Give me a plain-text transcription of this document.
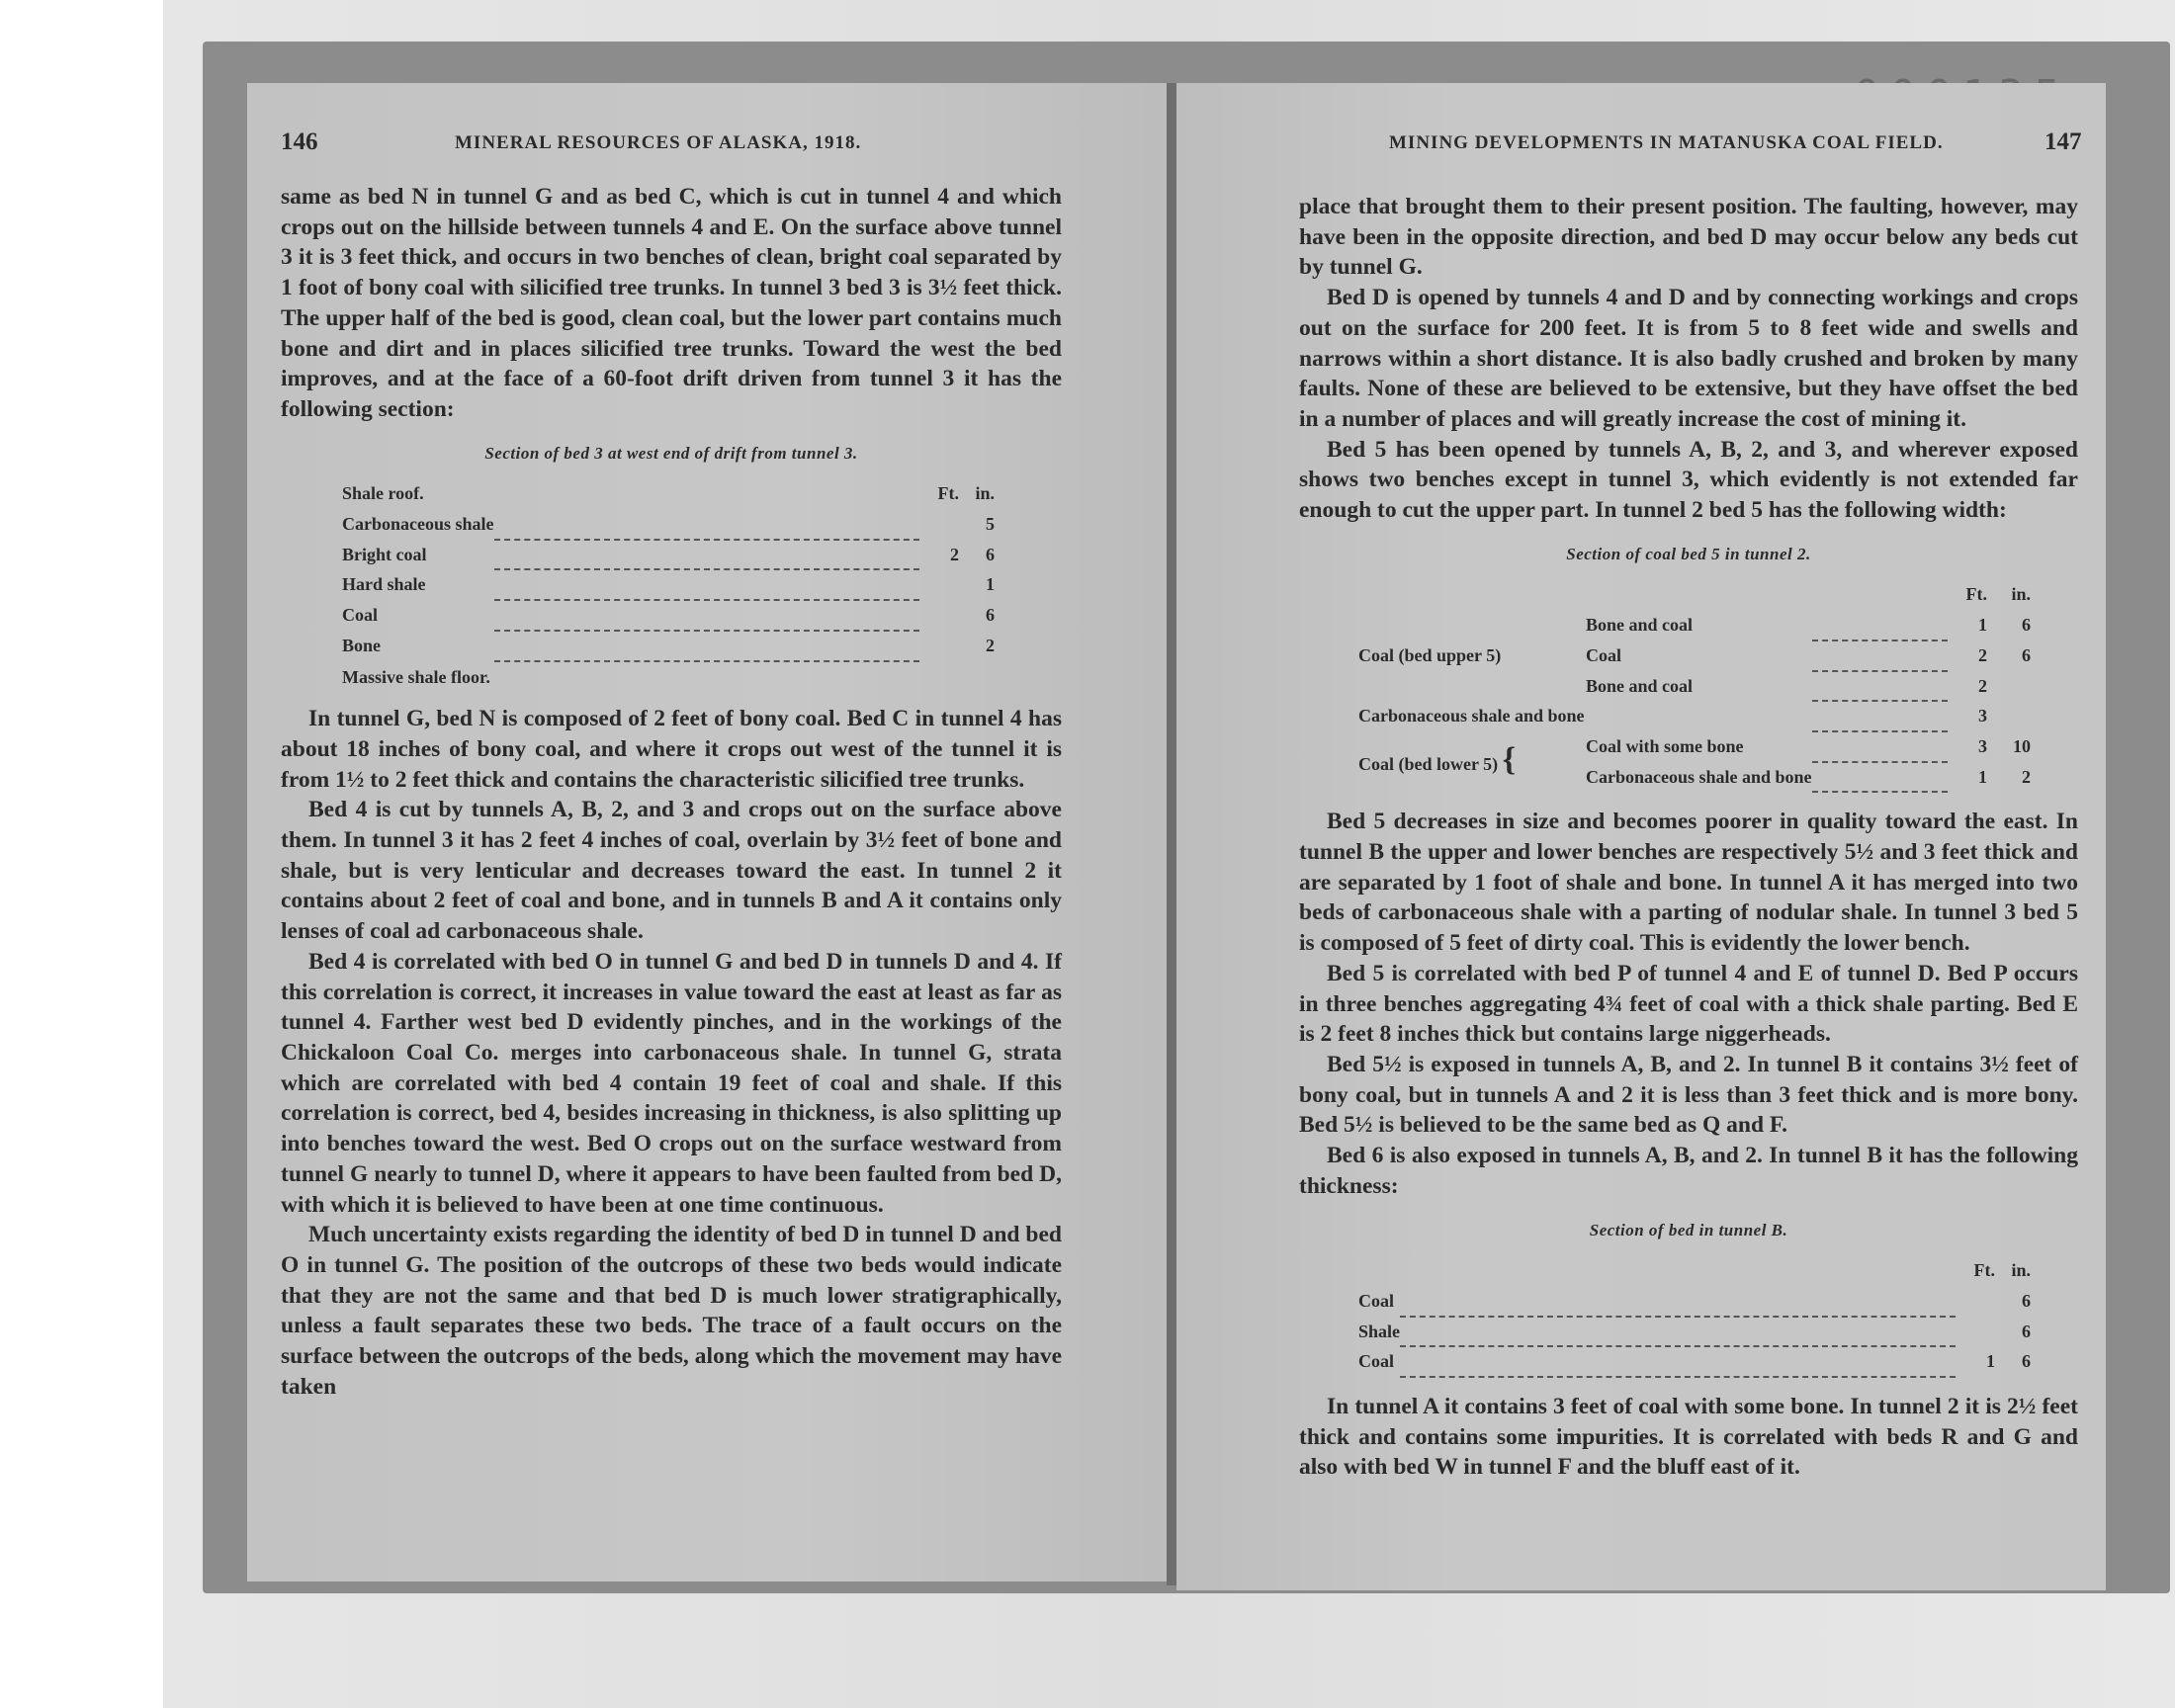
146	MINERAL RESOURCES OF ALASKA, 1918.

same as bed N in tunnel G and as bed C, which is cut in tunnel 4 and which crops out on the hillside between tunnels 4 and E. On the surface above tunnel 3 it is 3 feet thick, and occurs in two benches of clean, bright coal separated by 1 foot of bony coal with silicified tree trunks. In tunnel 3 bed 3 is 3½ feet thick. The upper half of the bed is good, clean coal, but the lower part contains much bone and dirt and in places silicified tree trunks. Toward the west the bed improves, and at the face of a 60-foot drift driven from tunnel 3 it has the following section:

Section of bed 3 at west end of drift from tunnel 3.
Shale roof.		Ft.	in.
Carbonaceous shale			5
Bright coal		2	6
Hard shale			1
Coal			6
Bone			2
Massive shale floor.			

In tunnel G, bed N is composed of 2 feet of bony coal. Bed C in tunnel 4 has about 18 inches of bony coal, and where it crops out west of the tunnel it is from 1½ to 2 feet thick and contains the characteristic silicified tree trunks.

Bed 4 is cut by tunnels A, B, 2, and 3 and crops out on the surface above them. In tunnel 3 it has 2 feet 4 inches of coal, overlain by 3½ feet of bone and shale, but is very lenticular and decreases toward the east. In tunnel 2 it contains about 2 feet of coal and bone, and in tunnels B and A it contains only lenses of coal ad carbonaceous shale.

Bed 4 is correlated with bed O in tunnel G and bed D in tunnels D and 4. If this correlation is correct, it increases in value toward the east at least as far as tunnel 4. Farther west bed D evidently pinches, and in the workings of the Chickaloon Coal Co. merges into carbonaceous shale. In tunnel G, strata which are correlated with bed 4 contain 19 feet of coal and shale. If this correlation is correct, bed 4, besides increasing in thickness, is also splitting up into benches toward the west. Bed O crops out on the surface westward from tunnel G nearly to tunnel D, where it appears to have been faulted from bed D, with which it is believed to have been at one time continuous.

Much uncertainty exists regarding the identity of bed D in tunnel D and bed O in tunnel G. The position of the outcrops of these two beds would indicate that they are not the same and that bed D is much lower stratigraphically, unless a fault separates these two beds. The trace of a fault occurs on the surface between the outcrops of the beds, along which the movement may have taken

MINING DEVELOPMENTS IN MATANUSKA COAL FIELD.	147

place that brought them to their present position. The faulting, however, may have been in the opposite direction, and bed D may occur below any beds cut by tunnel G.

Bed D is opened by tunnels 4 and D and by connecting workings and crops out on the surface for 200 feet. It is from 5 to 8 feet wide and swells and narrows within a short distance. It is also badly crushed and broken by many faults. None of these are believed to be extensive, but they have offset the bed in a number of places and will greatly increase the cost of mining it.

Bed 5 has been opened by tunnels A, B, 2, and 3, and wherever exposed shows two benches except in tunnel 3, which evidently is not extended far enough to cut the upper part. In tunnel 2 bed 5 has the following width:

Section of coal bed 5 in tunnel 2.
			Ft.	in.
	Bone and coal		1	6
Coal (bed upper 5)	Coal		2	6
	Bone and coal		2	
Carbonaceous shale and bone			3	
Coal (bed lower 5) {	Coal with some bone		3	10
	Carbonaceous shale and bone		1	2

Bed 5 decreases in size and becomes poorer in quality toward the east. In tunnel B the upper and lower benches are respectively 5½ and 3 feet thick and are separated by 1 foot of shale and bone. In tunnel A it has merged into two beds of carbonaceous shale with a parting of nodular shale. In tunnel 3 bed 5 is composed of 5 feet of dirty coal. This is evidently the lower bench.

Bed 5 is correlated with bed P of tunnel 4 and E of tunnel D. Bed P occurs in three benches aggregating 4¾ feet of coal with a thick shale parting. Bed E is 2 feet 8 inches thick but contains large niggerheads.

Bed 5½ is exposed in tunnels A, B, and 2. In tunnel B it contains 3½ feet of bony coal, but in tunnels A and 2 it is less than 3 feet thick and is more bony. Bed 5½ is believed to be the same bed as Q and F.

Bed 6 is also exposed in tunnels A, B, and 2. In tunnel B it has the following thickness:

Section of bed in tunnel B.
		Ft.	in.
Coal			6
Shale			6
Coal		1	6

In tunnel A it contains 3 feet of coal with some bone. In tunnel 2 it is 2½ feet thick and contains some impurities. It is correlated with beds R and G and also with bed W in tunnel F and the bluff east of it.
